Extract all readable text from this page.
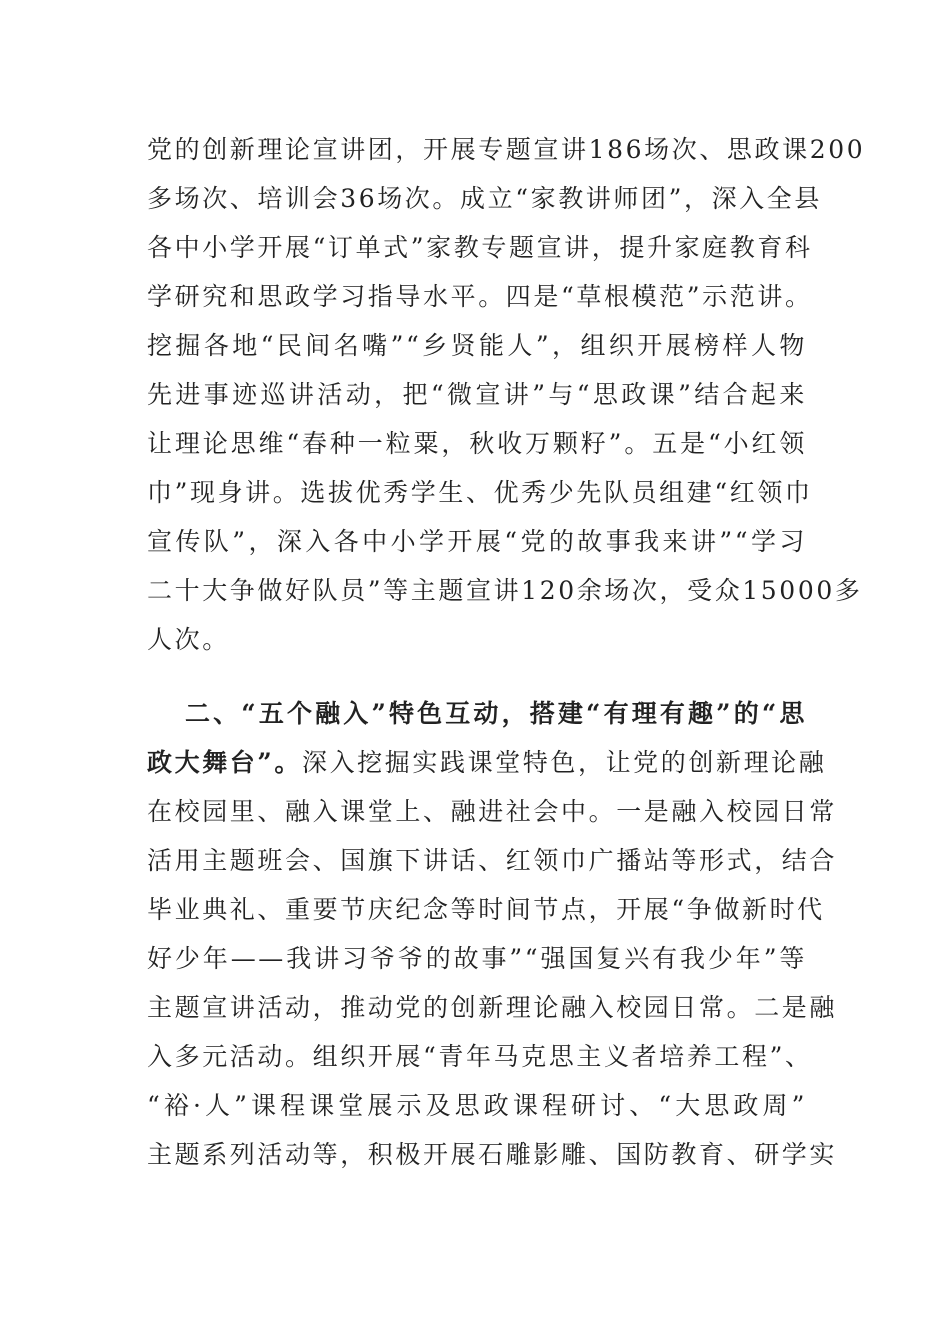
党的创新理论宣讲团，开展专题宣讲186场次、思政课200
多场次、培训会36场次。成立“家教讲师团”，深入全县
各中小学开展“订单式”家教专题宣讲，提升家庭教育科
学研究和思政学习指导水平。四是“草根模范”示范讲。
挖掘各地“民间名嘴”“乡贤能人”，组织开展榜样人物
先进事迹巡讲活动，把“微宣讲”与“思政课”结合起来
让理论思维“春种一粒粟，秋收万颗籽”。五是“小红领
巾”现身讲。选拔优秀学生、优秀少先队员组建“红领巾
宣传队”，深入各中小学开展“党的故事我来讲”“学习
二十大争做好队员”等主题宣讲120余场次，受众15000多
人次。
二、“五个融入”特色互动，搭建“有理有趣”的“思
政大舞台”。深入挖掘实践课堂特色，让党的创新理论融
在校园里、融入课堂上、融进社会中。一是融入校园日常
活用主题班会、国旗下讲话、红领巾广播站等形式，结合
毕业典礼、重要节庆纪念等时间节点，开展“争做新时代
好少年——我讲习爷爷的故事”“强国复兴有我少年”等
主题宣讲活动，推动党的创新理论融入校园日常。二是融
入多元活动。组织开展“青年马克思主义者培养工程”、
“裕·人”课程课堂展示及思政课程研讨、“大思政周”
主题系列活动等，积极开展石雕影雕、国防教育、研学实
